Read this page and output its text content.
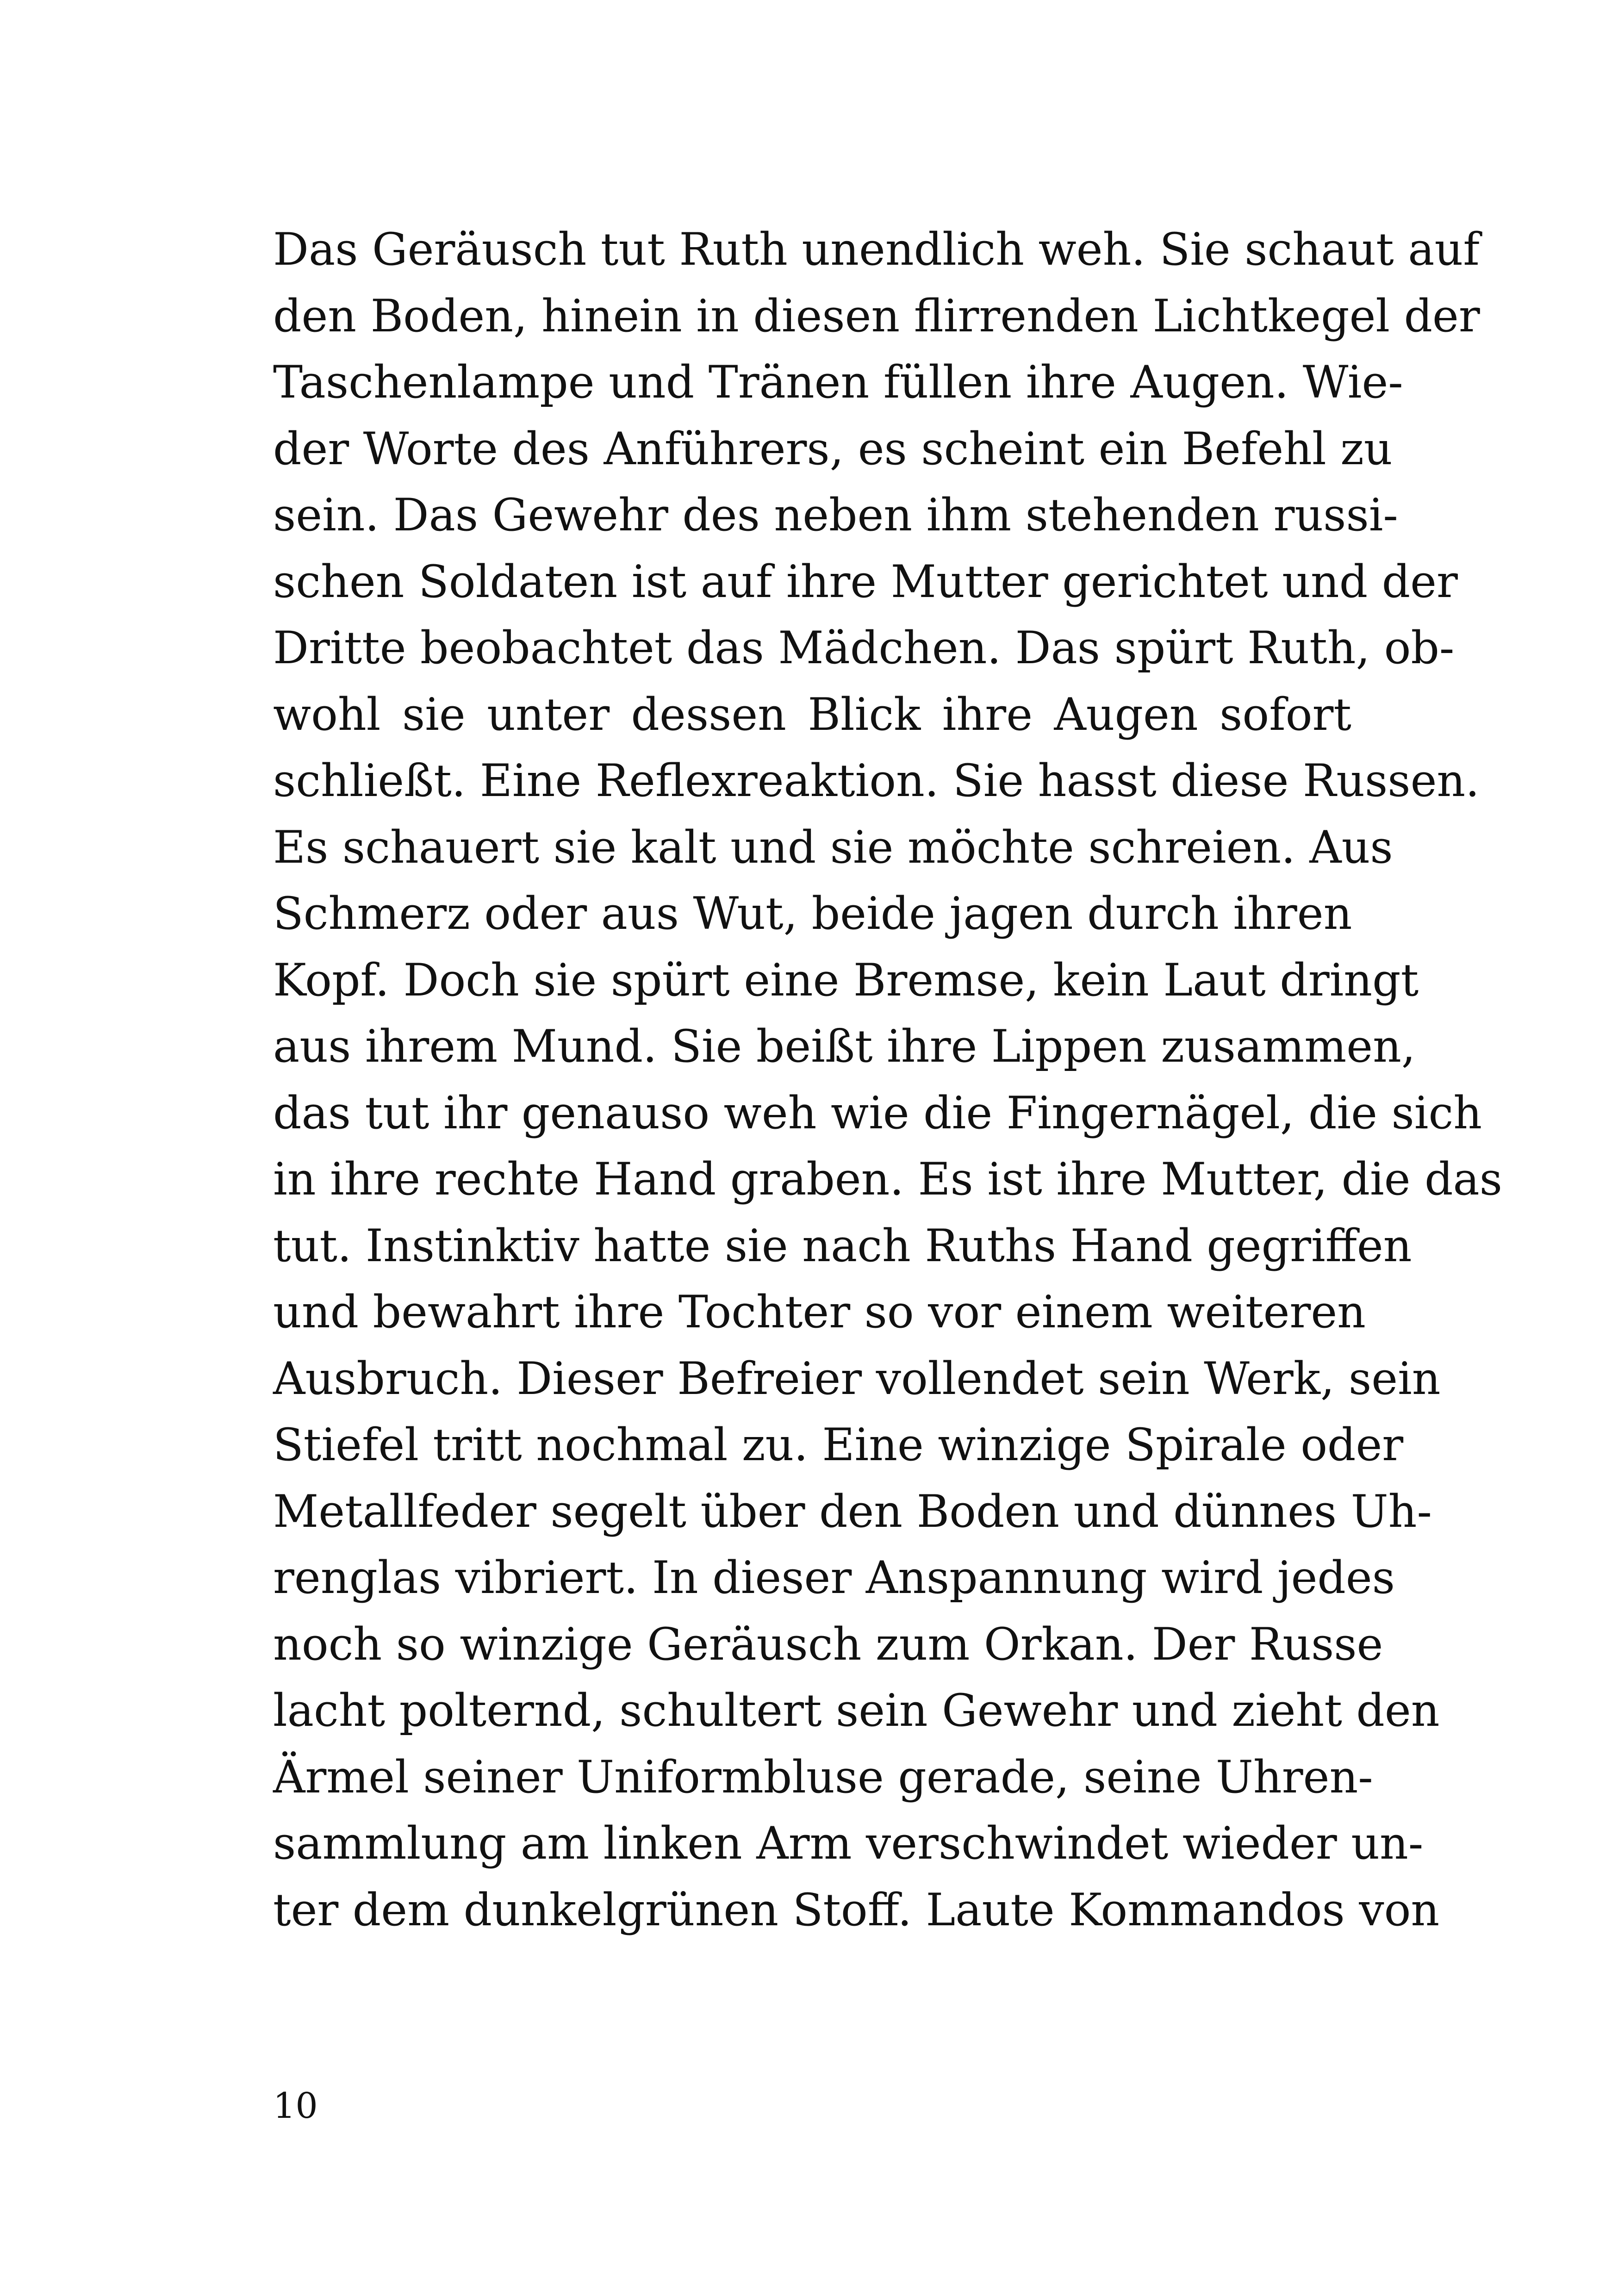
Das Geräusch tut Ruth unendlich weh. Sie schaut auf
den Boden, hinein in diesen flirrenden Lichtkegel der
Taschenlampe und Tränen füllen ihre Augen. Wie-
der Worte des Anführers, es scheint ein Befehl zu
sein. Das Gewehr des neben ihm stehenden russi-
schen Soldaten ist auf ihre Mutter gerichtet und der
Dritte beobachtet das Mädchen. Das spürt Ruth, ob-
wohl sie unter dessen Blick ihre Augen sofort
schließt. Eine Reflexreaktion. Sie hasst diese Russen.
Es schauert sie kalt und sie möchte schreien. Aus
Schmerz oder aus Wut, beide jagen durch ihren
Kopf. Doch sie spürt eine Bremse, kein Laut dringt
aus ihrem Mund. Sie beißt ihre Lippen zusammen,
das tut ihr genauso weh wie die Fingernägel, die sich
in ihre rechte Hand graben. Es ist ihre Mutter, die das
tut. Instinktiv hatte sie nach Ruths Hand gegriffen
und bewahrt ihre Tochter so vor einem weiteren
Ausbruch. Dieser Befreier vollendet sein Werk, sein
Stiefel tritt nochmal zu. Eine winzige Spirale oder
Metallfeder segelt über den Boden und dünnes Uh-
renglas vibriert. In dieser Anspannung wird jedes
noch so winzige Geräusch zum Orkan. Der Russe
lacht polternd, schultert sein Gewehr und zieht den
Ärmel seiner Uniformbluse gerade, seine Uhren-
sammlung am linken Arm verschwindet wieder un-
ter dem dunkelgrünen Stoff. Laute Kommandos von
10
